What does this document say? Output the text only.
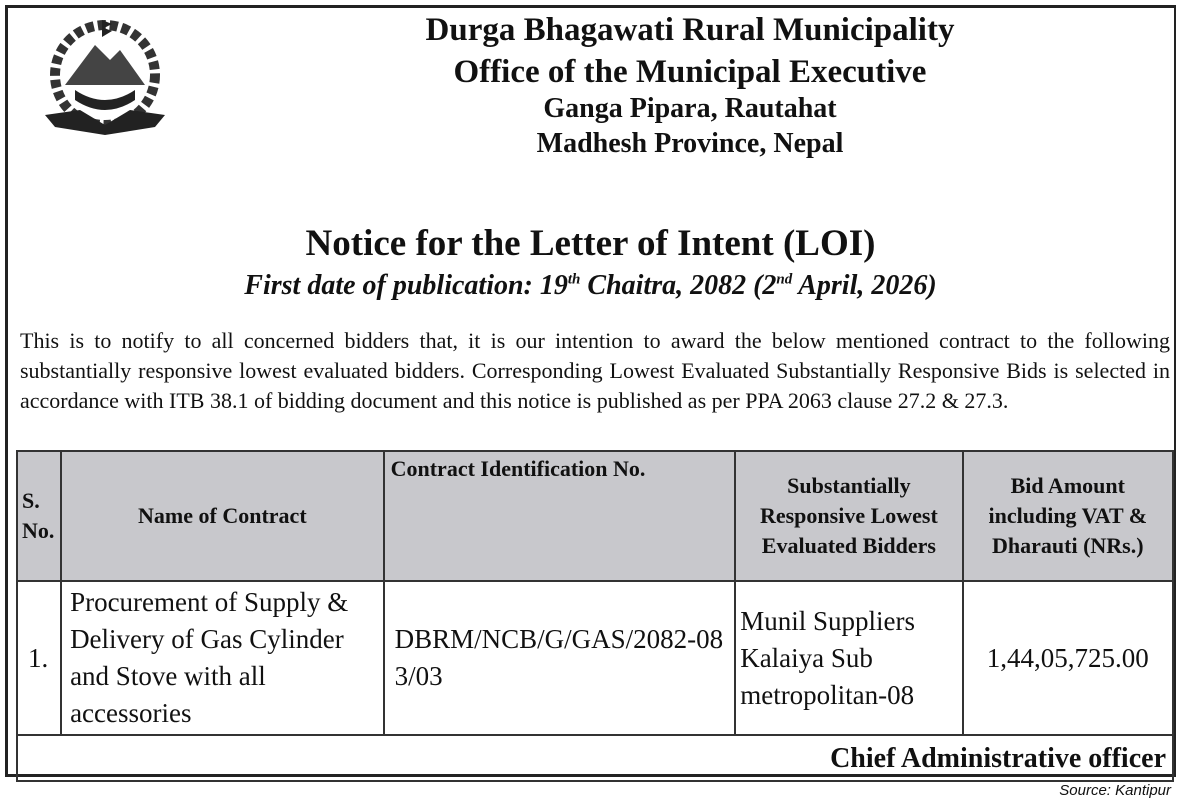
Durga Bhagawati Rural Municipality
Office of the Municipal Executive
Ganga Pipara, Rautahat
Madhesh Province, Nepal
Notice for the Letter of Intent (LOI)
First date of publication: 19th Chaitra, 2082 (2nd April, 2026)
This is to notify to all concerned bidders that, it is our intention to award the below mentioned contract to the following substantially responsive lowest evaluated bidders. Corresponding Lowest Evaluated Substantially Responsive Bids is selected in accordance with ITB 38.1 of bidding document and this notice is published as per PPA 2063 clause 27.2 & 27.3.
S. No.	Name of Contract	Contract Identification No.	Substantially Responsive Lowest Evaluated Bidders	Bid Amount including VAT & Dharauti (NRs.)
1.	Procurement of Supply & Delivery of Gas Cylinder and Stove with all accessories	DBRM/NCB/G/GAS/2082-083/03	Munil Suppliers Kalaiya Sub metropolitan-08	1,44,05,725.00
Chief Administrative officer				
Source: Kantipur
